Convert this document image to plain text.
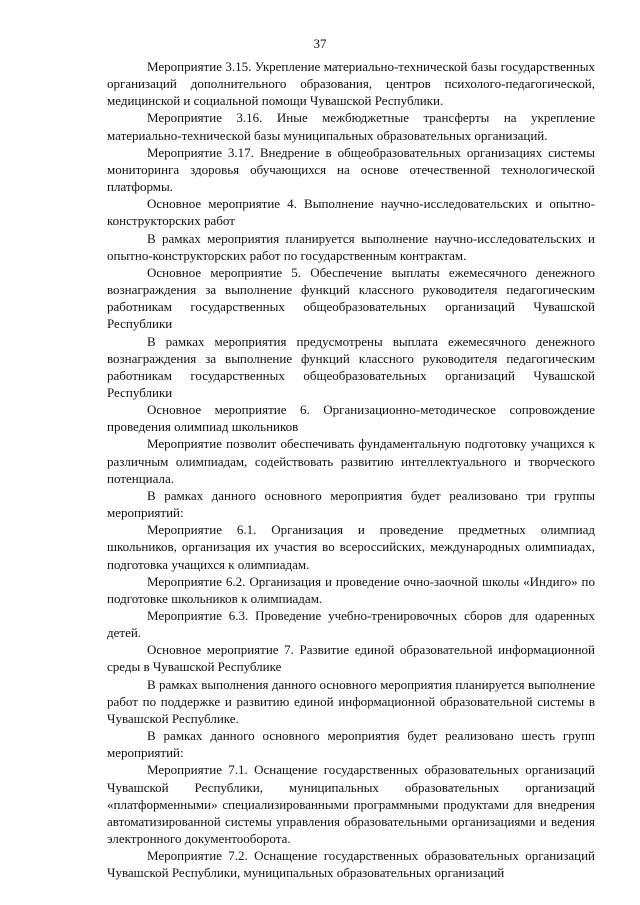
37

Мероприятие 3.15. Укрепление материально-технической базы государственных организаций дополнительного образования, центров психолого-педагогической, медицинской и социальной помощи Чувашской Республики.

Мероприятие 3.16. Иные межбюджетные трансферты на укрепление материально-технической базы муниципальных образовательных организаций.

Мероприятие 3.17. Внедрение в общеобразовательных организациях системы мониторинга здоровья обучающихся на основе отечественной технологической платформы.

Основное мероприятие 4. Выполнение научно-исследовательских и опытно-конструкторских работ

В рамках мероприятия планируется выполнение научно-исследовательских и опытно-конструкторских работ по государственным контрактам.

Основное мероприятие 5. Обеспечение выплаты ежемесячного денежного вознаграждения за выполнение функций классного руководителя педагогическим работникам государственных общеобразовательных организаций Чувашской Республики

В рамках мероприятия предусмотрены выплата ежемесячного денежного вознаграждения за выполнение функций классного руководителя педагогическим работникам государственных общеобразовательных организаций Чувашской Республики

Основное мероприятие 6. Организационно-методическое сопровождение проведения олимпиад школьников

Мероприятие позволит обеспечивать фундаментальную подготовку учащихся к различным олимпиадам, содействовать развитию интеллектуального и творческого потенциала.

В рамках данного основного мероприятия будет реализовано три группы мероприятий:

Мероприятие 6.1. Организация и проведение предметных олимпиад школьников, организация их участия во всероссийских, международных олимпиадах, подготовка учащихся к олимпиадам.

Мероприятие 6.2. Организация и проведение очно-заочной школы «Индиго» по подготовке школьников к олимпиадам.

Мероприятие 6.3. Проведение учебно-тренировочных сборов для одаренных детей.

Основное мероприятие 7. Развитие единой образовательной информационной среды в Чувашской Республике

В рамках выполнения данного основного мероприятия планируется выполнение работ по поддержке и развитию единой информационной образовательной системы в Чувашской Республике.

В рамках данного основного мероприятия будет реализовано шесть групп мероприятий:

Мероприятие 7.1. Оснащение государственных образовательных организаций Чувашской Республики, муниципальных образовательных организаций «платформенными» специализированными программными продуктами для внедрения автоматизированной системы управления образовательными организациями и ведения электронного документооборота.

Мероприятие 7.2. Оснащение государственных образовательных организаций Чувашской Республики, муниципальных образовательных организаций
